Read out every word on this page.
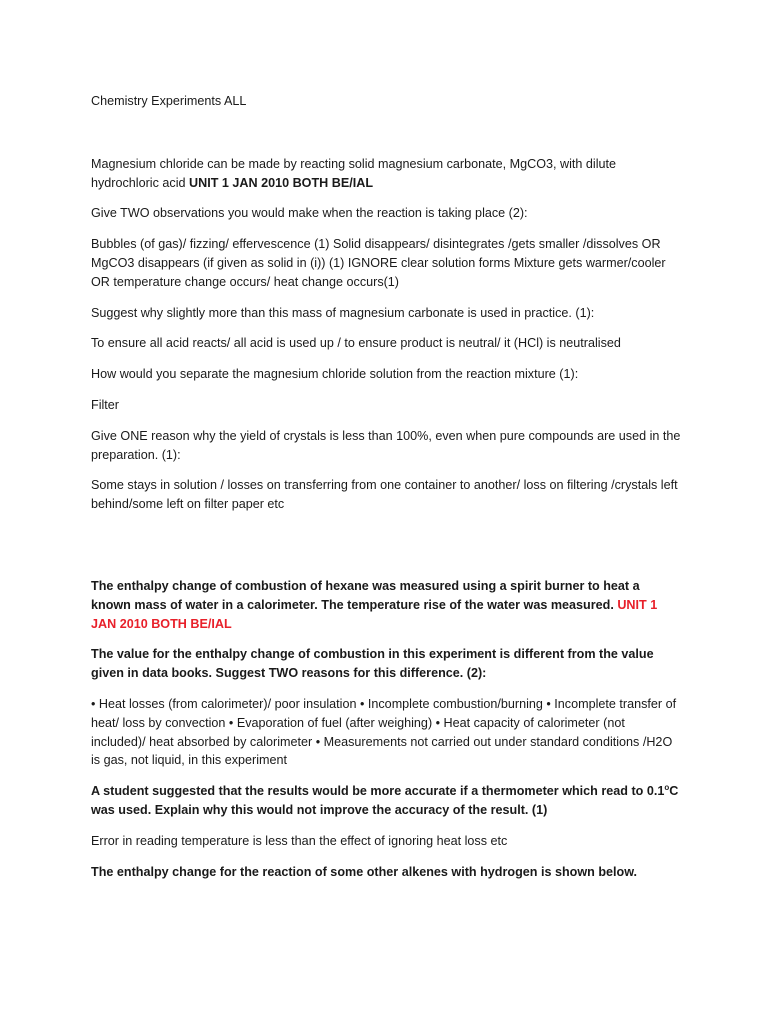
Chemistry Experiments ALL

Magnesium chloride can be made by reacting solid magnesium carbonate, MgCO3, with dilute hydrochloric acid UNIT 1 JAN 2010 BOTH BE/IAL

Give TWO observations you would make when the reaction is taking place (2):

Bubbles (of gas)/ fizzing/ effervescence (1) Solid disappears/ disintegrates /gets smaller /dissolves OR MgCO3 disappears (if given as solid in (i)) (1) IGNORE clear solution forms Mixture gets warmer/cooler OR temperature change occurs/ heat change occurs(1)

Suggest why slightly more than this mass of magnesium carbonate is used in practice. (1):

To ensure all acid reacts/ all acid is used up / to ensure product is neutral/ it (HCl) is neutralised

How would you separate the magnesium chloride solution from the reaction mixture (1):

Filter

Give ONE reason why the yield of crystals is less than 100%, even when pure compounds are used in the preparation. (1):

Some stays in solution / losses on transferring from one container to another/ loss on filtering /crystals left behind/some left on filter paper etc

The enthalpy change of combustion of hexane was measured using a spirit burner to heat a known mass of water in a calorimeter. The temperature rise of the water was measured. UNIT 1 JAN 2010 BOTH BE/IAL

The value for the enthalpy change of combustion in this experiment is different from the value given in data books. Suggest TWO reasons for this difference. (2):

• Heat losses (from calorimeter)/ poor insulation • Incomplete combustion/burning • Incomplete transfer of heat/ loss by convection • Evaporation of fuel (after weighing) • Heat capacity of calorimeter (not included)/ heat absorbed by calorimeter • Measurements not carried out under standard conditions /H2O is gas, not liquid, in this experiment

A student suggested that the results would be more accurate if a thermometer which read to 0.1$^o$C was used. Explain why this would not improve the accuracy of the result. (1)

Error in reading temperature is less than the effect of ignoring heat loss etc

The enthalpy change for the reaction of some other alkenes with hydrogen is shown below.
